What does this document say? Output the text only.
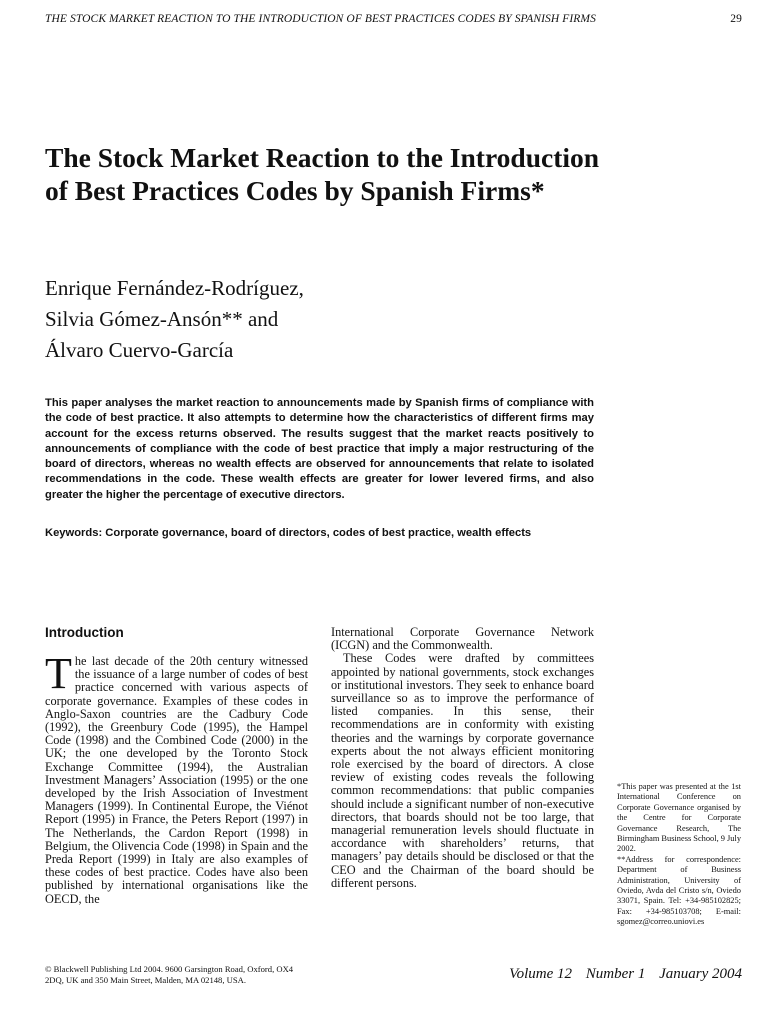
THE STOCK MARKET REACTION TO THE INTRODUCTION OF BEST PRACTICES CODES BY SPANISH FIRMS	29
The Stock Market Reaction to the Introduction of Best Practices Codes by Spanish Firms*
Enrique Fernández-Rodríguez,
Silvia Gómez-Ansón** and
Álvaro Cuervo-García

This paper analyses the market reaction to announcements made by Spanish firms of compliance with the code of best practice. It also attempts to determine how the characteristics of different firms may account for the excess returns observed. The results suggest that the market reacts positively to announcements of compliance with the code of best practice that imply a major restructuring of the board of directors, whereas no wealth effects are observed for announcements that relate to isolated recommendations in the code. These wealth effects are greater for lower levered firms, and also greater the higher the percentage of executive directors.

Keywords: Corporate governance, board of directors, codes of best practice, wealth effects

Introduction

The last decade of the 20th century witnessed the issuance of a large number of codes of best practice concerned with various aspects of corporate governance. Examples of these codes in Anglo-Saxon countries are the Cadbury Code (1992), the Greenbury Code (1995), the Hampel Code (1998) and the Combined Code (2000) in the UK; the one developed by the Toronto Stock Exchange Committee (1994), the Australian Investment Managers’ Association (1995) or the one developed by the Irish Association of Investment Managers (1999). In Continental Europe, the Viénot Report (1995) in France, the Peters Report (1997) in The Netherlands, the Cardon Report (1998) in Belgium, the Olivencia Code (1998) in Spain and the Preda Report (1999) in Italy are also examples of these codes of best practice. Codes have also been published by international organisations like the OECD, the

International Corporate Governance Network (ICGN) and the Commonwealth.

These Codes were drafted by committees appointed by national governments, stock exchanges or institutional investors. They seek to enhance board surveillance so as to improve the performance of listed companies. In this sense, their recommendations are in conformity with existing theories and the warnings by corporate governance experts about the not always efficient monitoring role exercised by the board of directors. A close review of existing codes reveals the following common recommendations: that public companies should include a significant number of non-executive directors, that boards should not be too large, that managerial remuneration levels should fluctuate in accordance with shareholders’ returns, that managers’ pay details should be disclosed or that the CEO and the Chairman of the board should be different persons.

*This paper was presented at the 1st International Conference on Corporate Governance organised by the Centre for Corporate Governance Research, The Birmingham Business School, 9 July 2002.

**Address for correspondence: Department of Business Administration, University of Oviedo, Avda del Cristo s/n, Oviedo 33071, Spain. Tel: +34-985102825; Fax: +34-985103708; E-mail: sgomez@correo.uniovi.es

© Blackwell Publishing Ltd 2004. 9600 Garsington Road, Oxford, OX4
2DQ, UK and 350 Main Street, Malden, MA 02148, USA.	Volume 12 Number 1 January 2004
